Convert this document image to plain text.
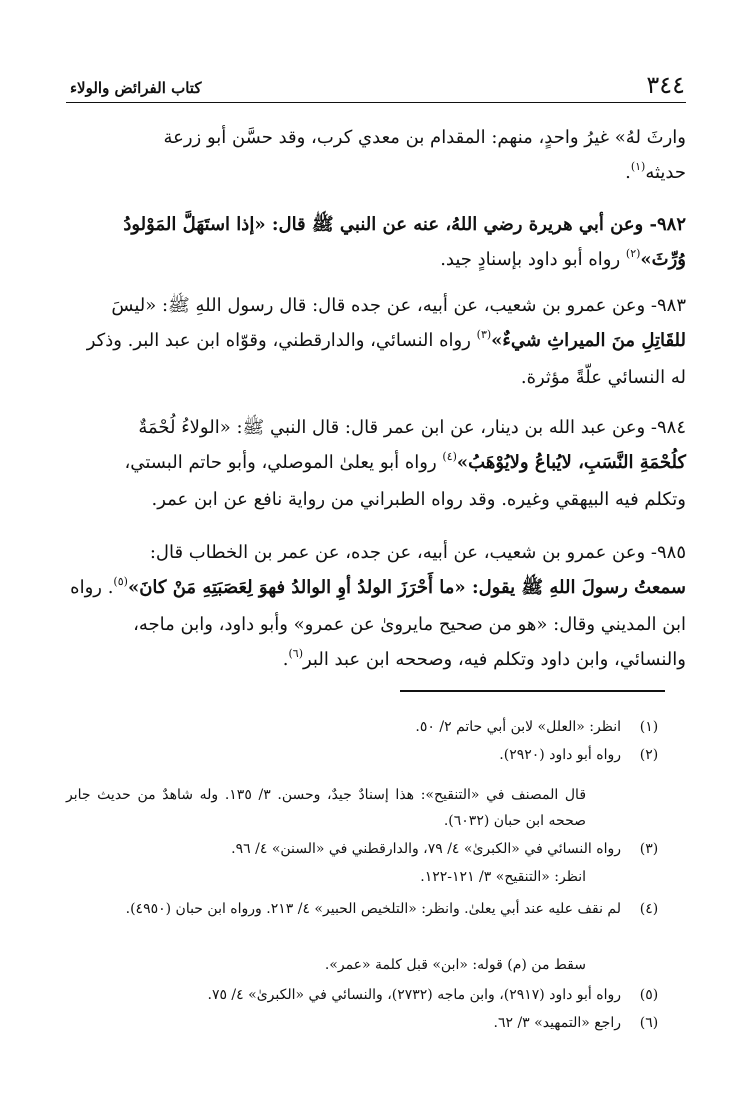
٣٤٤
كتاب الفرائض والولاء

وارثَ لهُ» غيرُ واحدٍ، منهم: المقدام بن معدي كرب، وقد حسَّن أبو زرعة

حديثه$^{(١)}$.

٩٨٢- وعن أبي هريرة رضي اللهُ، عنه عن النبي ﷺ قال: «إذا استَهَلَّ المَوْلودُ

وُرِّثَ»$^{(٢)}$ رواه أبو داود بإسنادٍ جيد.

٩٨٣- وعن عمرو بن شعيب، عن أبيه، عن جده قال: قال رسول اللهِ ﷺ: «ليسَ

للقَاتِلِ منَ الميراثِ شيءٌ»$^{(٣)}$ رواه النسائي، والدارقطني، وقوّاه ابن عبد البر. وذكر

له النسائي علّةً مؤثرة.

٩٨٤- وعن عبد الله بن دينار، عن ابن عمر قال: قال النبي ﷺ: «الولاءُ لُحْمَةٌ

كلُحْمَةِ النَّسَبِ، لايُباعُ ولايُوْهَبُ»$^{(٤)}$ رواه أبو يعلىٰ الموصلي، وأبو حاتم البستي،

وتكلم فيه البيهقي وغيره. وقد رواه الطبراني من رواية نافع عن ابن عمر.

٩٨٥- وعن عمرو بن شعيب، عن أبيه، عن جده، عن عمر بن الخطاب قال:

سمعتُ رسولَ اللهِ ﷺ يقول: «ما أَحْرَزَ الولدُ أوِ الوالدُ فهوَ لِعَصَبَتِهِ مَنْ كانَ»$^{(٥)}$. رواه

ابن المديني وقال: «هو من صحيح مايروىٰ عن عمرو» وأبو داود، وابن ماجه،

والنسائي، وابن داود وتكلم فيه، وصححه ابن عبد البر$^{(٦)}$.

(١)
انظر: «العلل» لابن أبي حاتم ٢/ ٥٠.
(٢)
رواه أبو داود (٢٩٢٠).
قال المصنف في «التنقيح»: هذا إسنادٌ جيدٌ، وحسن. ٣/ ١٣٥. وله شاهدٌ من حديث جابر صححه ابن حبان (٦٠٣٢).
(٣)
رواه النسائي في «الكبرىٰ» ٤/ ٧٩، والدارقطني في «السنن» ٤/ ٩٦.
انظر: «التنقيح» ٣/ ١٢١-١٢٢.
(٤)
لم نقف عليه عند أبي يعلىٰ. وانظر: «التلخيص الحبير» ٤/ ٢١٣. ورواه ابن حبان (٤٩٥٠).
سقط من (م) قوله: «ابن» قبل كلمة «عمر».
(٥)
رواه أبو داود (٢٩١٧)، وابن ماجه (٢٧٣٢)، والنسائي في «الكبرىٰ» ٤/ ٧٥.
(٦)
راجع «التمهيد» ٣/ ٦٢.
